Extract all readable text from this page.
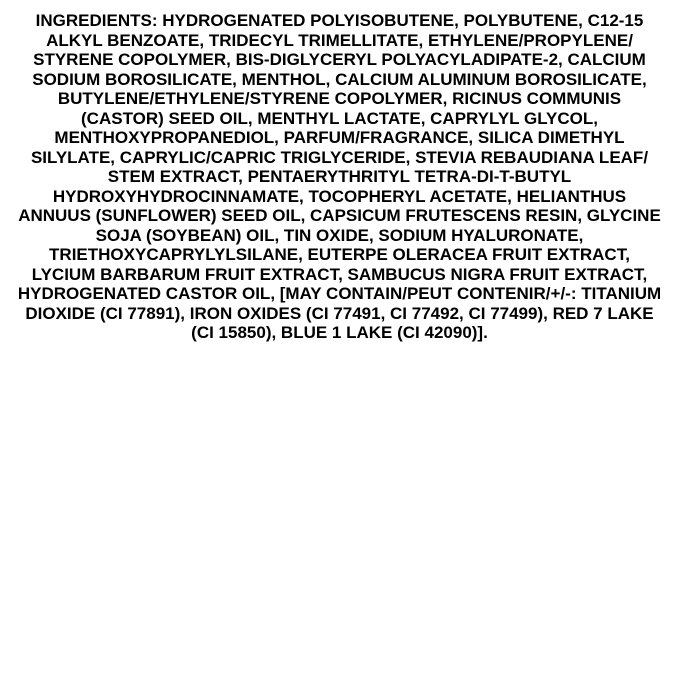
INGREDIENTS: HYDROGENATED POLYISOBUTENE, POLYBUTENE, C12-15
ALKYL BENZOATE, TRIDECYL TRIMELLITATE, ETHYLENE/PROPYLENE/
STYRENE COPOLYMER, BIS-DIGLYCERYL POLYACYLADIPATE-2, CALCIUM
SODIUM BOROSILICATE, MENTHOL, CALCIUM ALUMINUM BOROSILICATE,
BUTYLENE/ETHYLENE/STYRENE COPOLYMER, RICINUS COMMUNIS
(CASTOR) SEED OIL, MENTHYL LACTATE, CAPRYLYL GLYCOL,
MENTHOXYPROPANEDIOL, PARFUM/FRAGRANCE, SILICA DIMETHYL
SILYLATE, CAPRYLIC/CAPRIC TRIGLYCERIDE, STEVIA REBAUDIANA LEAF/
STEM EXTRACT, PENTAERYTHRITYL TETRA-DI-T-BUTYL
HYDROXYHYDROCINNAMATE, TOCOPHERYL ACETATE, HELIANTHUS
ANNUUS (SUNFLOWER) SEED OIL, CAPSICUM FRUTESCENS RESIN, GLYCINE
SOJA (SOYBEAN) OIL, TIN OXIDE, SODIUM HYALURONATE,
TRIETHOXYCAPRYLYLSILANE, EUTERPE OLERACEA FRUIT EXTRACT,
LYCIUM BARBARUM FRUIT EXTRACT, SAMBUCUS NIGRA FRUIT EXTRACT,
HYDROGENATED CASTOR OIL, [MAY CONTAIN/PEUT CONTENIR/+/-: TITANIUM
DIOXIDE (CI 77891), IRON OXIDES (CI 77491, CI 77492, CI 77499), RED 7 LAKE
(CI 15850), BLUE 1 LAKE (CI 42090)].
